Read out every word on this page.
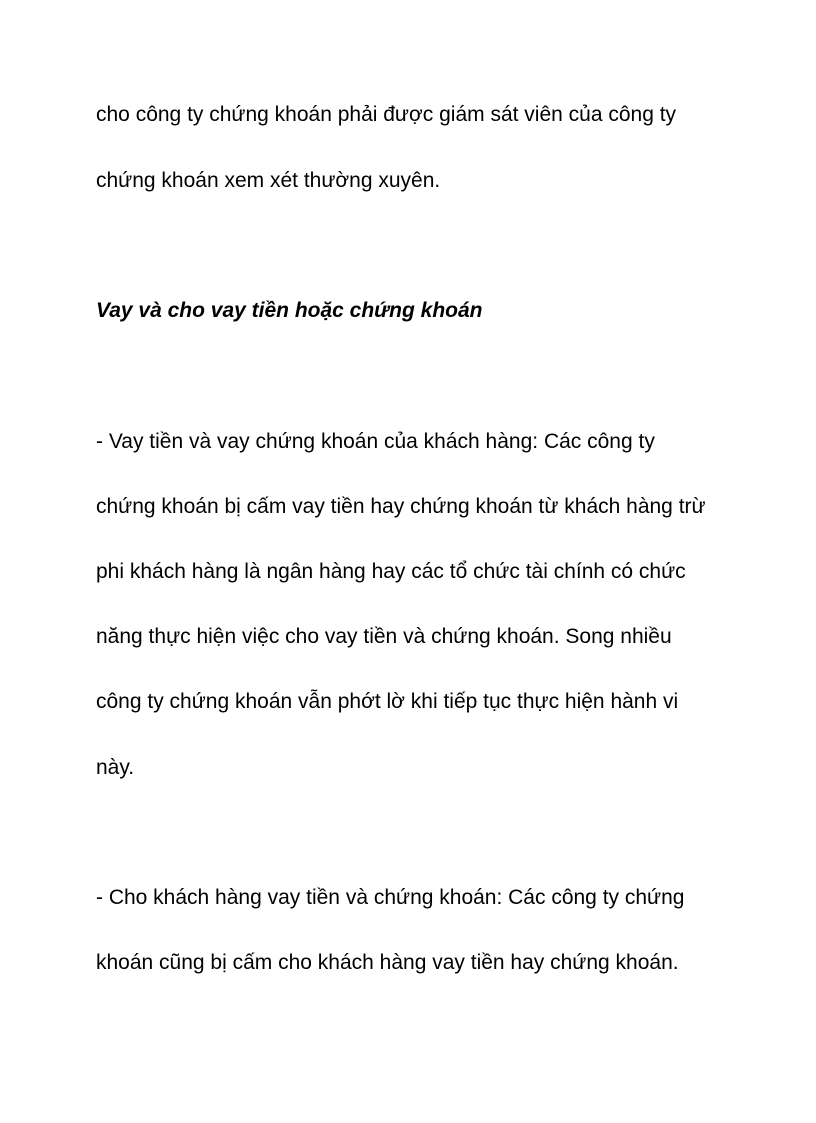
cho công ty chứng khoán phải được giám sát viên của công ty
chứng khoán xem xét thường xuyên.
Vay và cho vay tiền hoặc chứng khoán
- Vay tiền và vay chứng khoán của khách hàng: Các công ty
chứng khoán bị cấm vay tiền hay chứng khoán từ khách hàng trừ
phi khách hàng là ngân hàng hay các tổ chức tài chính có chức
năng thực hiện việc cho vay tiền và chứng khoán. Song nhiều
công ty chứng khoán vẫn phớt lờ khi tiếp tục thực hiện hành vi
này.
- Cho khách hàng vay tiền và chứng khoán: Các công ty chứng
khoán cũng bị cấm cho khách hàng vay tiền hay chứng khoán.
